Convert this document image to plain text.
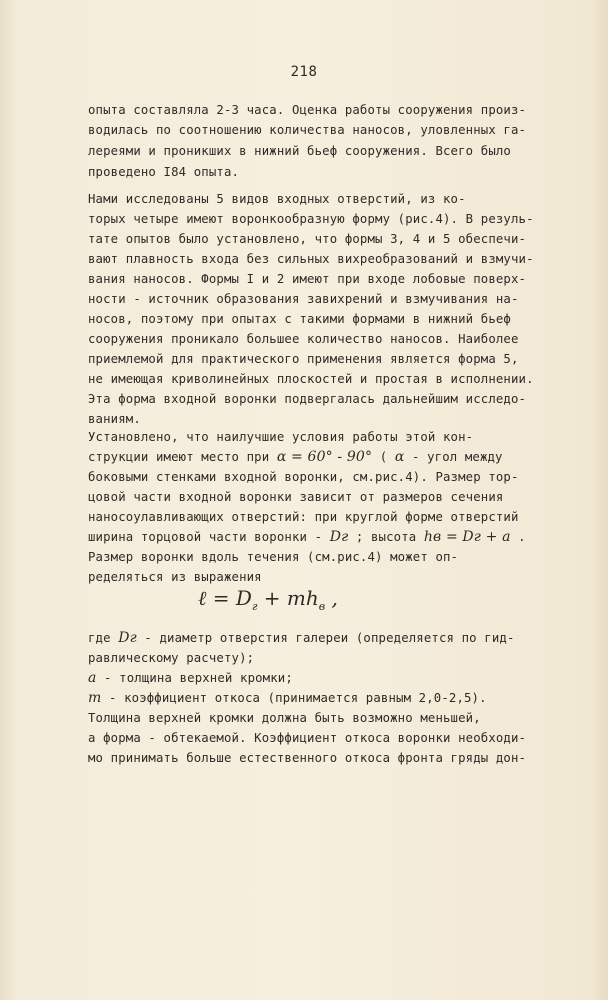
218
опыта составляла 2-3 часа. Оценка работы сооружения произ-
водилась по соотношению количества наносов, уловленных га-
лереями и проникших в нижний бьеф сооружения. Всего было
проведено I84 опыта.
Нами исследованы 5 видов входных отверстий, из ко-
торых четыре имеют воронкообразную форму (рис.4). В резуль-
тате опытов было установлено, что формы 3, 4 и 5 обеспечи-
вают плавность входа без сильных вихреобразований и взмучи-
вания наносов. Формы I и 2 имеют при входе лобовые поверх-
ности - источник образования завихрений и взмучивания на-
носов, поэтому при опытах с такими формами в нижний бьеф
сооружения проникало большее количество наносов. Наиболее
приемлемой для практического применения является форма 5,
не имеющая криволинейных плоскостей и простая в исполнении.
Эта форма входной воронки подвергалась дальнейшим исследо-
ваниям.
Установлено, что наилучшие условия работы этой кон-
струкции имеют место при α = 60° - 90° ( α - угол между
боковыми стенками входной воронки, см.рис.4). Размер тор-
цовой части входной воронки зависит от размеров сечения
наносоулавливающих отверстий: при круглой форме отверстий
ширина торцовой части воронки - Dг ; высота hв = Dг + a .
Размер воронки вдоль течения (см.рис.4) может оп-
ределяться из выражения
ℓ = $D_г + mh_в$ ,
где Dг - диаметр отверстия галереи (определяется по гид-
равлическому расчету);
a - толщина верхней кромки;
m - коэффициент откоса (принимается равным 2,0-2,5).
Толщина верхней кромки должна быть возможно меньшей,
а форма - обтекаемой. Коэффициент откоса воронки необходи-
мо принимать больше естественного откоса фронта гряды дон-
